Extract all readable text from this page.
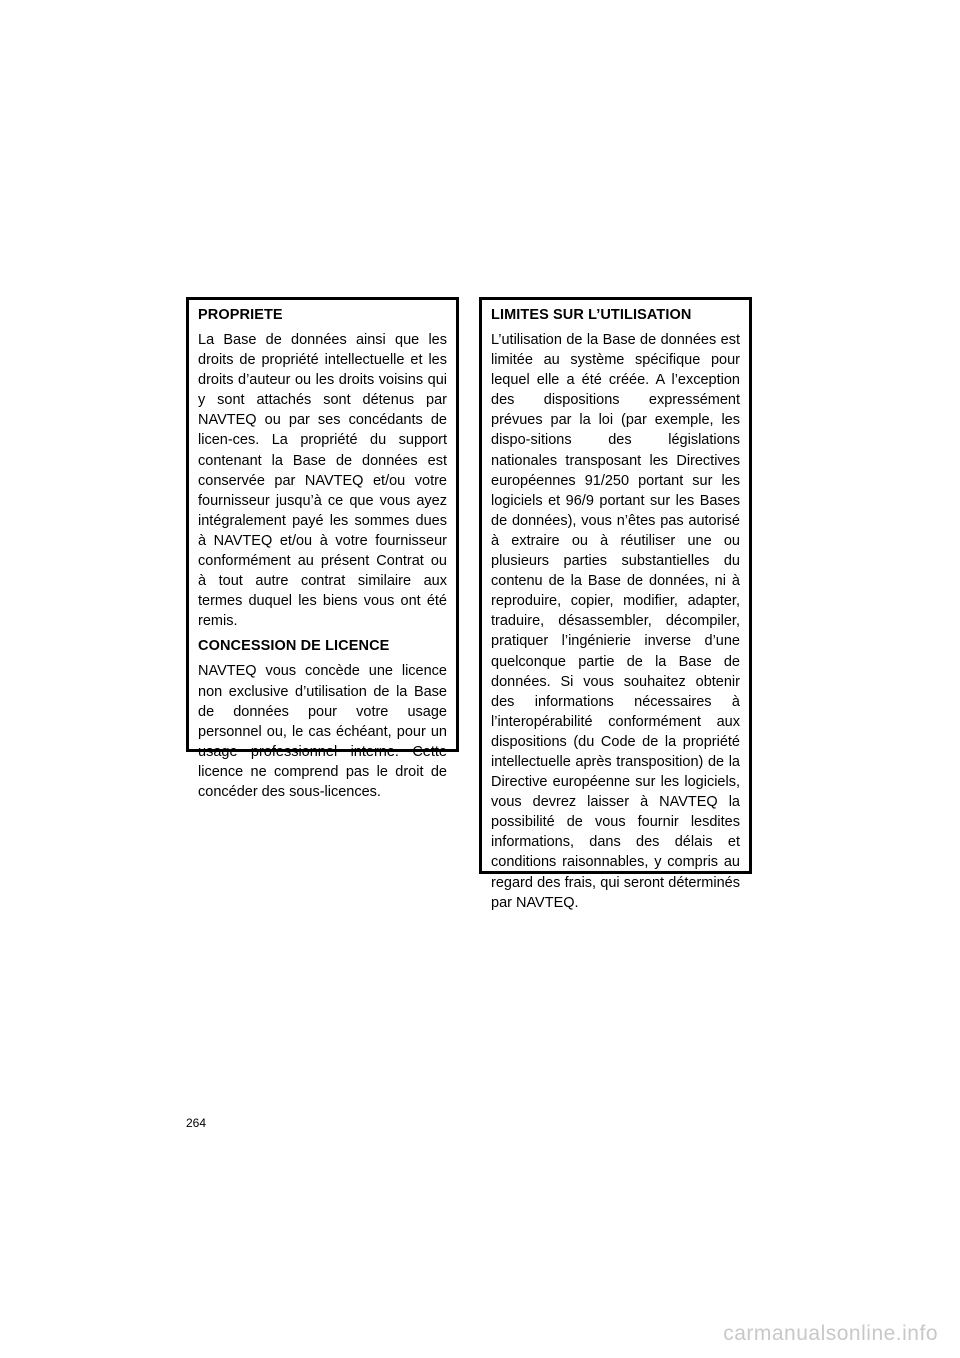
PROPRIETE
La Base de données ainsi que les droits de propriété intellectuelle et les droits d’auteur ou les droits voisins qui y sont attachés sont détenus par NAVTEQ ou par ses concédants de licen-ces. La propriété du support contenant la Base de données est conservée par NAVTEQ et/ou votre fournisseur jusqu’à ce que vous ayez intégralement payé les sommes dues à NAVTEQ et/ou à votre fournisseur conformément au présent Contrat ou à tout autre contrat similaire aux termes duquel les biens vous ont été remis.
CONCESSION DE LICENCE
NAVTEQ vous concède une licence non exclusive d’utilisation de la Base de données pour votre usage personnel ou, le cas échéant, pour un usage professionnel interne. Cette licence ne comprend pas le droit de concéder des sous-licences.
LIMITES SUR L’UTILISATION
L’utilisation de la Base de données est limitée au système spécifique pour lequel elle a été créée. A l’exception des dispositions expressément prévues par la loi (par exemple, les dispo-sitions des législations nationales transposant les Directives européennes 91/250 portant sur les logiciels et 96/9 portant sur les Bases de données), vous n’êtes pas autorisé à extraire ou à réutiliser une ou plusieurs parties substantielles du contenu de la Base de données, ni à reproduire, copier, modifier, adapter, traduire, désassembler, décompiler, pratiquer l’ingénierie inverse d’une quelconque partie de la Base de données. Si vous souhaitez obtenir des informations nécessaires à l’interopérabilité conformément aux dispositions (du Code de la propriété intellectuelle après transposition) de la Directive européenne sur les logiciels, vous devrez laisser à NAVTEQ la possibilité de vous fournir lesdites informations, dans des délais et conditions raisonnables, y compris au regard des frais, qui seront déterminés par NAVTEQ.
264
carmanualsonline.info
